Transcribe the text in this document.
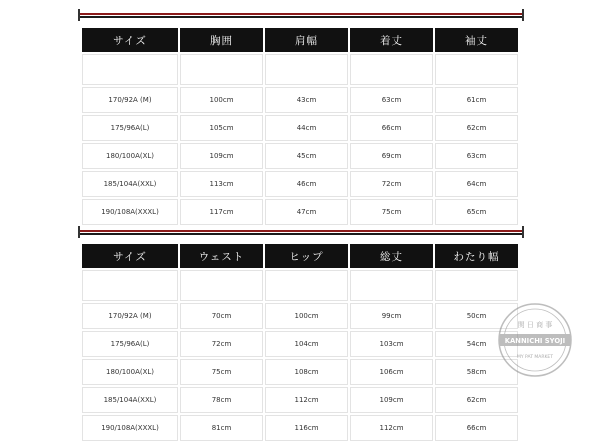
サイズ	胸囲	肩幅	着丈	袖丈

170/92A (M)	100cm	43cm	63cm	61cm
175/96A(L)	105cm	44cm	66cm	62cm
180/100A(XL)	109cm	45cm	69cm	63cm
185/104A(XXL)	113cm	46cm	72cm	64cm
190/108A(XXXL)	117cm	47cm	75cm	65cm
サイズ	ウェスト	ヒップ	総丈	わたり幅

170/92A (M)	70cm	100cm	99cm	50cm
175/96A(L)	72cm	104cm	103cm	54cm
180/100A(XL)	75cm	108cm	106cm	58cm
185/104A(XXL)	78cm	112cm	109cm	62cm
190/108A(XXXL)	81cm	116cm	112cm	66cm
関 日 商 事
KANNICHI SYOJI
MY PAT MARKET
